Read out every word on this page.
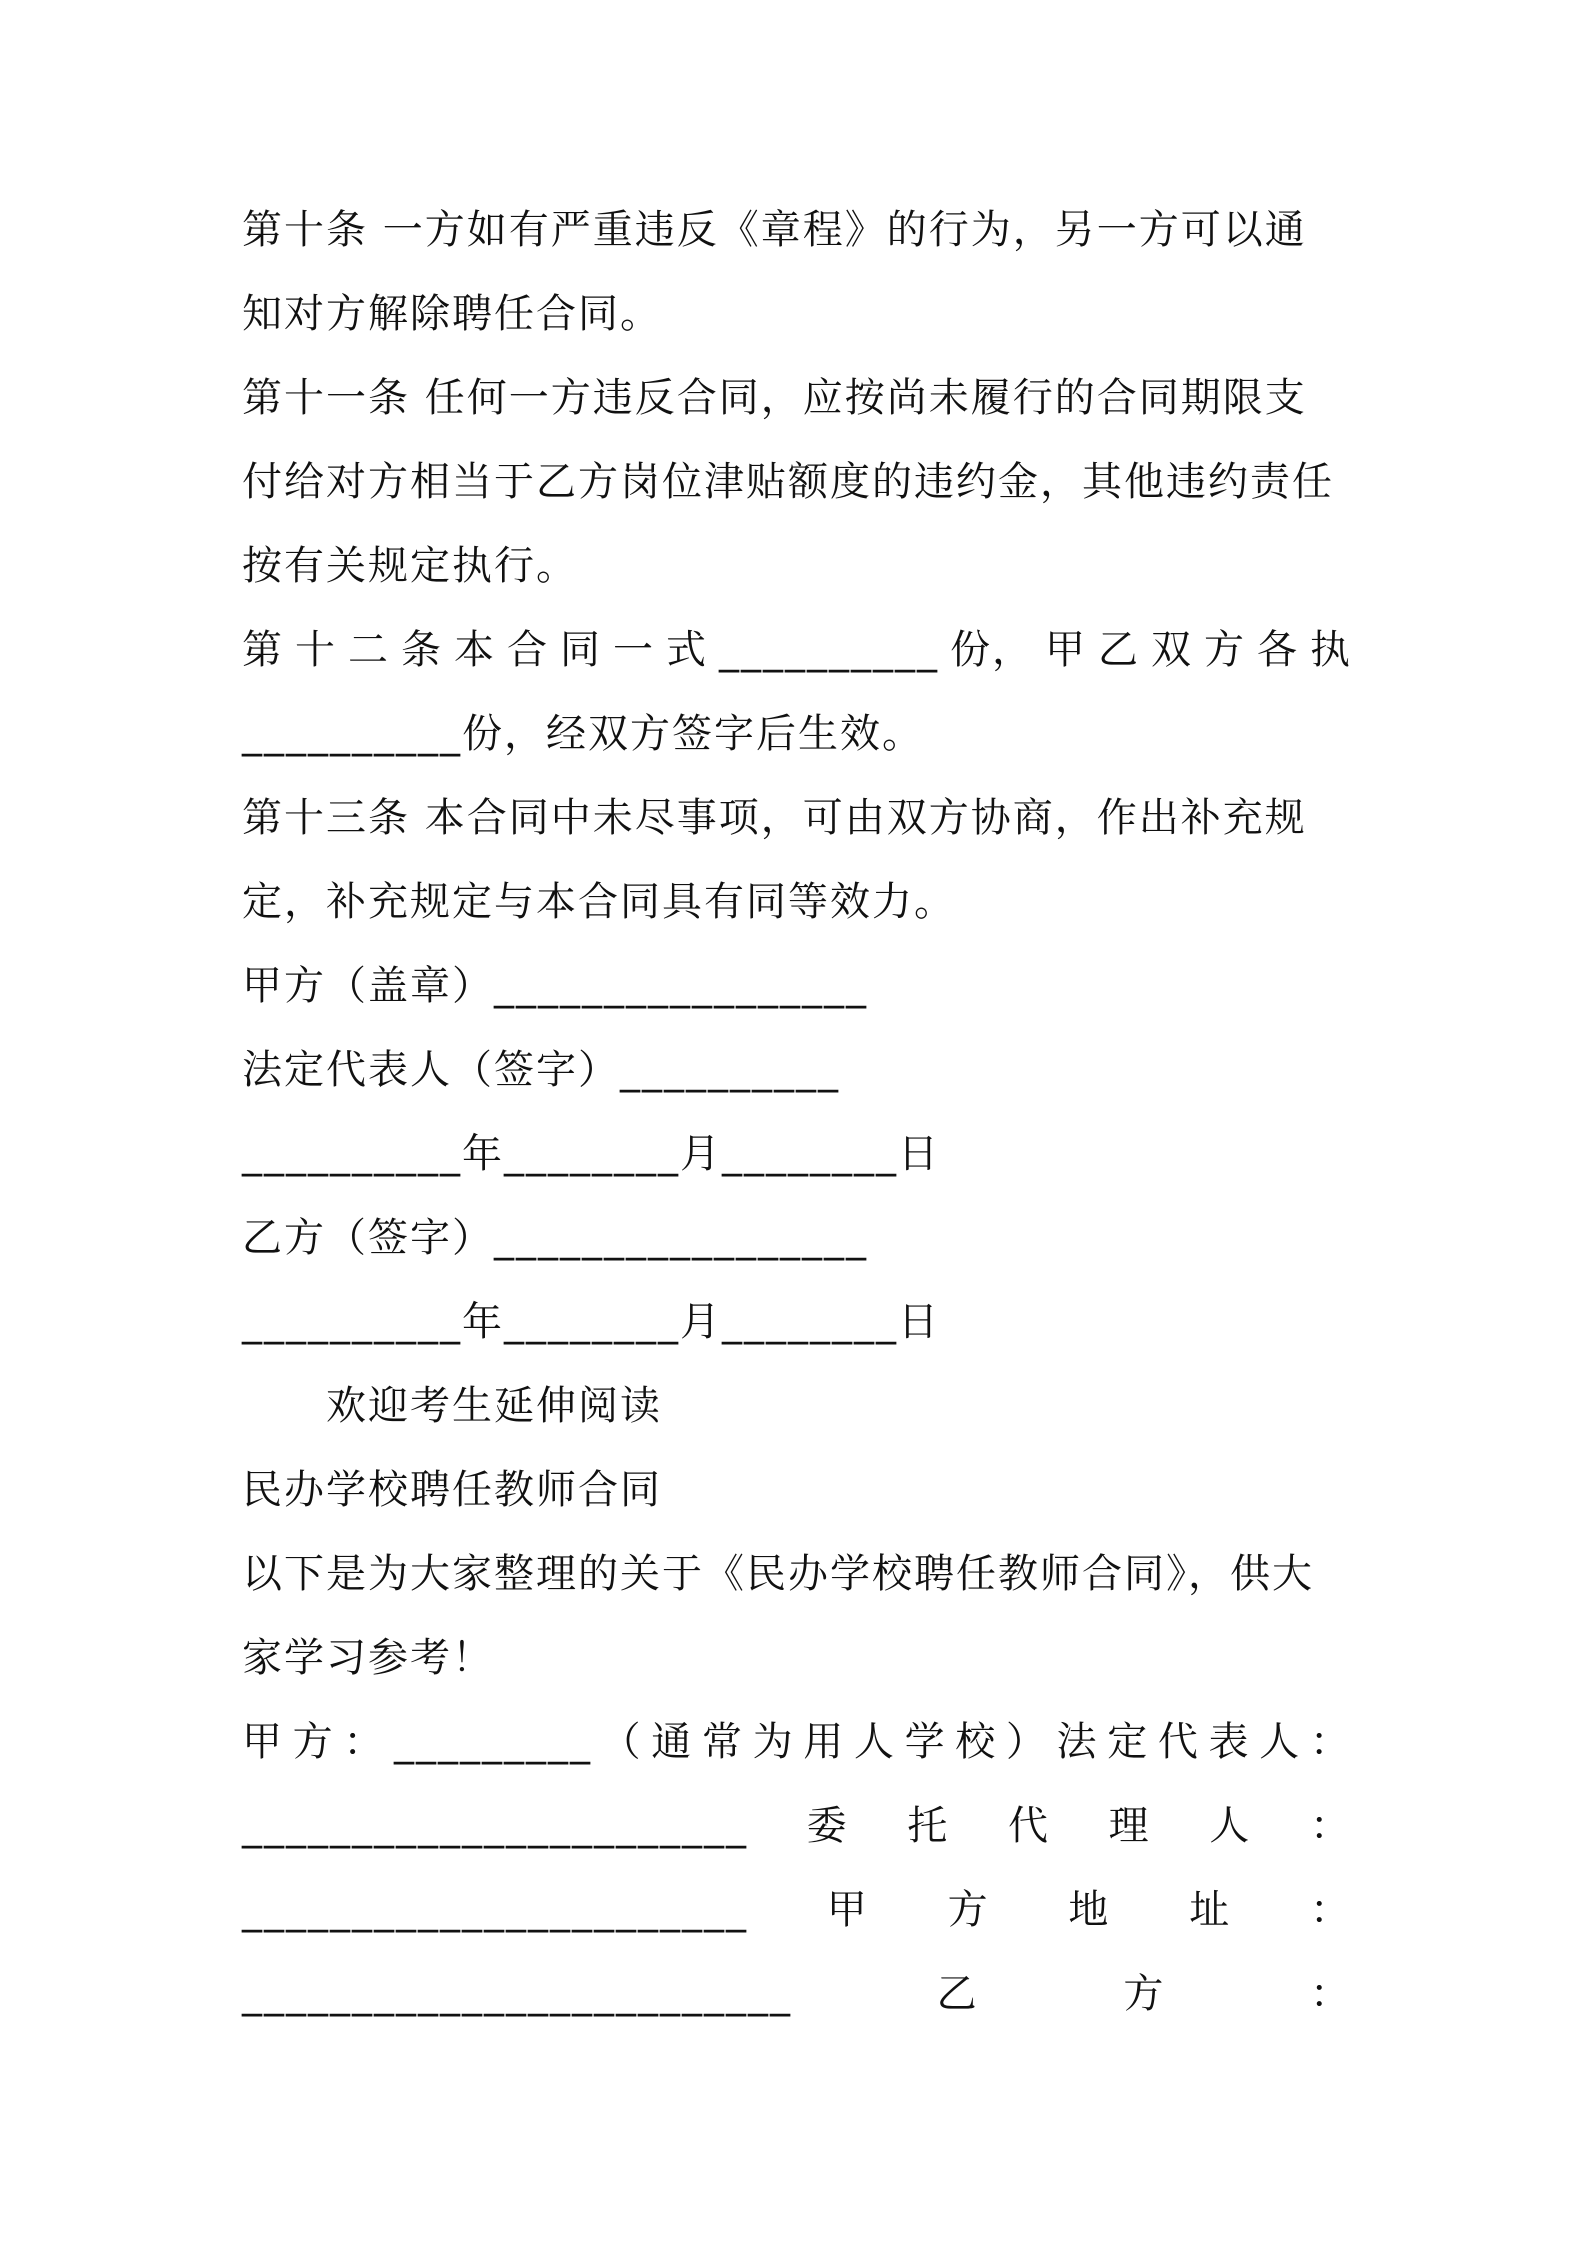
第十条 一方如有严重违反《章程》的行为，另一方可以通
知对方解除聘任合同。
第十一条 任何一方违反合同，应按尚未履行的合同期限支
付给对方相当于乙方岗位津贴额度的违约金，其他违约责任
按有关规定执行。
第 十 二 条 本 合 同 一 式 __________ 份， 甲 乙 双 方 各 执
__________份，经双方签字后生效。
第十三条 本合同中未尽事项，可由双方协商，作出补充规
定，补充规定与本合同具有同等效力。
甲方（盖章）_________________
法定代表人（签字）__________
__________年________月________日
乙方（签字）_________________
__________年________月________日
欢迎考生延伸阅读
民办学校聘任教师合同
以下是为大家整理的关于《民办学校聘任教师合同》，供大
家学习参考！
甲 方 ： _________ （ 通 常 为 用 人 学 校 ） 法 定 代 表 人 ：
_______________________ 委 托 代 理 人 ：
_______________________ 甲 方 地 址 ：
_________________________	乙	方	：
